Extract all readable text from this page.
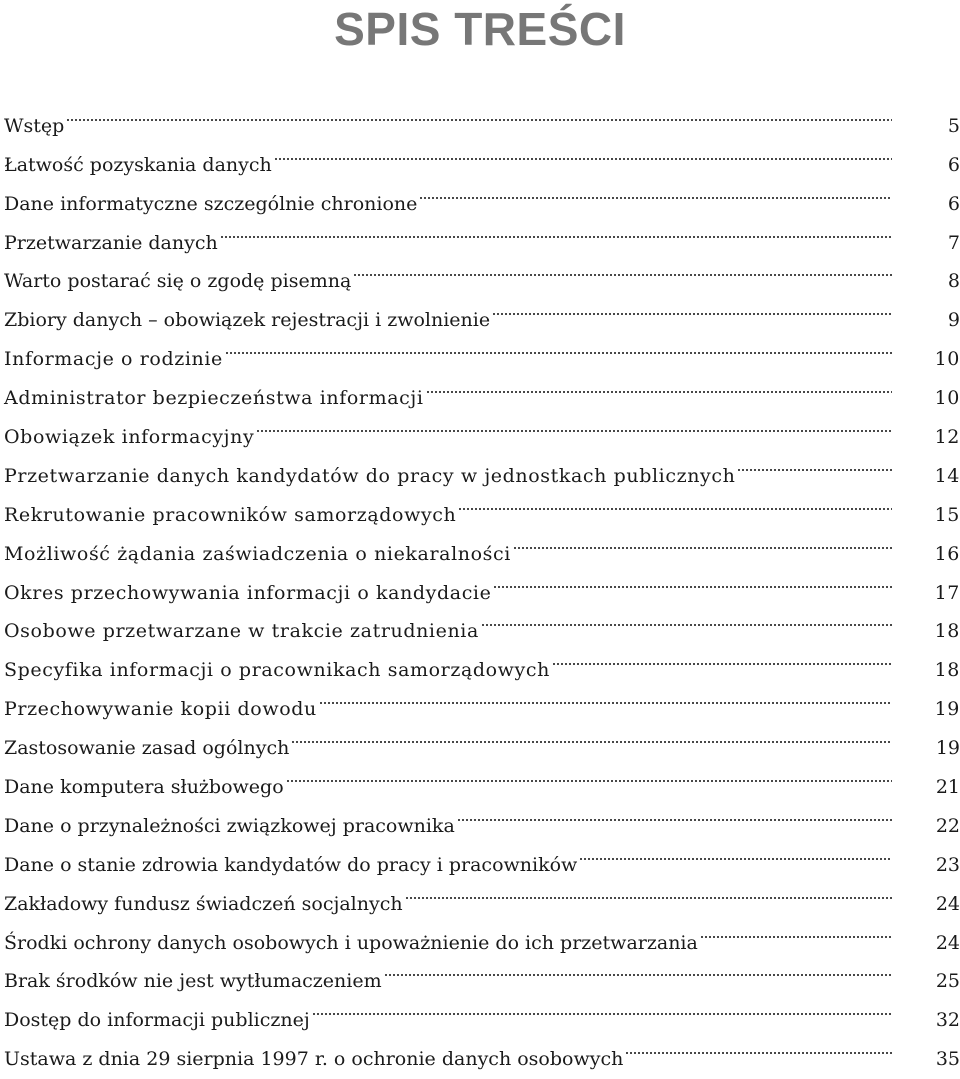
SPIS TREŚCI
Wstęp	5
Łatwość pozyskania danych	6
Dane informatyczne szczególnie chronione	6
Przetwarzanie danych	7
Warto postarać się o zgodę pisemną	8
Zbiory danych – obowiązek rejestracji i zwolnienie	9
Informacje o rodzinie	10
Administrator bezpieczeństwa informacji	10
Obowiązek informacyjny	12
Przetwarzanie danych kandydatów do pracy w jednostkach publicznych	14
Rekrutowanie pracowników samorządowych	15
Możliwość żądania zaświadczenia o niekaralności	16
Okres przechowywania informacji o kandydacie	17
Osobowe przetwarzane w trakcie zatrudnienia	18
Specyfika informacji o pracownikach samorządowych	18
Przechowywanie kopii dowodu	19
Zastosowanie zasad ogólnych	19
Dane komputera służbowego	21
Dane o przynależności związkowej pracownika	22
Dane o stanie zdrowia kandydatów do pracy i pracowników	23
Zakładowy fundusz świadczeń socjalnych	24
Środki ochrony danych osobowych i upoważnienie do ich przetwarzania	24
Brak środków nie jest wytłumaczeniem	25
Dostęp do informacji publicznej	32
Ustawa z dnia 29 sierpnia 1997 r. o ochronie danych osobowych	35
